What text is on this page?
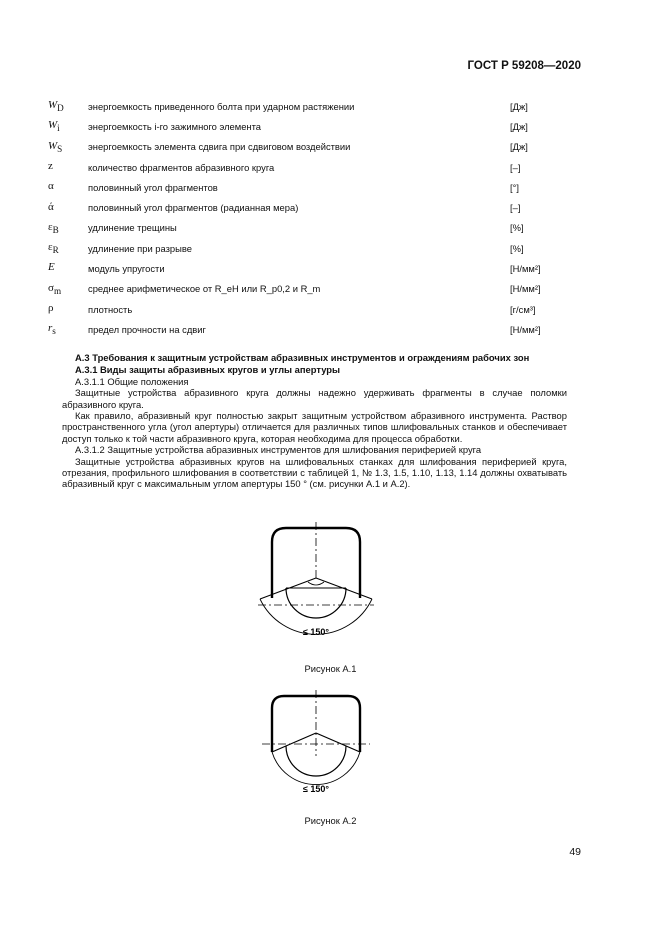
ГОСТ Р 59208—2020
$W_D$	энергоемкость приведенного болта при ударном растяжении	[Дж]
$W_i$	энергоемкость i-го зажимного элемента	[Дж]
$W_S$	энергоемкость элемента сдвига при сдвиговом воздействии	[Дж]
z	количество фрагментов абразивного круга	[–]
α	половинный угол фрагментов	[°]
ά	половинный угол фрагментов (радианная мера)	[–]
$\varepsilon_B$	удлинение трещины	[%]
$\varepsilon_R$	удлинение при разрыве	[%]
E	модуль упругости	[Н/мм²]
$\sigma_m$	среднее арифметическое от R_eH или R_p0,2 и R_m	[Н/мм²]
ρ	плотность	[г/см³]
$r_s$	предел прочности на сдвиг	[Н/мм²]

А.3 Требования к защитным устройствам абразивных инструментов и ограждениям рабочих зон

А.3.1 Виды защиты абразивных кругов и углы апертуры

А.3.1.1 Общие положения

Защитные устройства абразивного круга должны надежно удерживать фрагменты в случае поломки абразивного круга.

Как правило, абразивный круг полностью закрыт защитным устройством абразивного инструмента. Раствор пространственного угла (угол апертуры) отличается для различных типов шлифовальных станков и обеспечивает доступ только к той части абразивного круга, которая необходима для процесса обработки.

А.3.1.2 Защитные устройства абразивных инструментов для шлифования периферией круга

Защитные устройства абразивных кругов на шлифовальных станках для шлифования периферией круга, отрезания, профильного шлифования в соответствии с таблицей 1, № 1.3, 1.5, 1.10, 1.13, 1.14 должны охватывать абразивный круг с максимальным углом апертуры 150 ° (см. рисунки А.1 и А.2).

≤ 150°
Рисунок А.1
≤ 150°
Рисунок А.2
49
